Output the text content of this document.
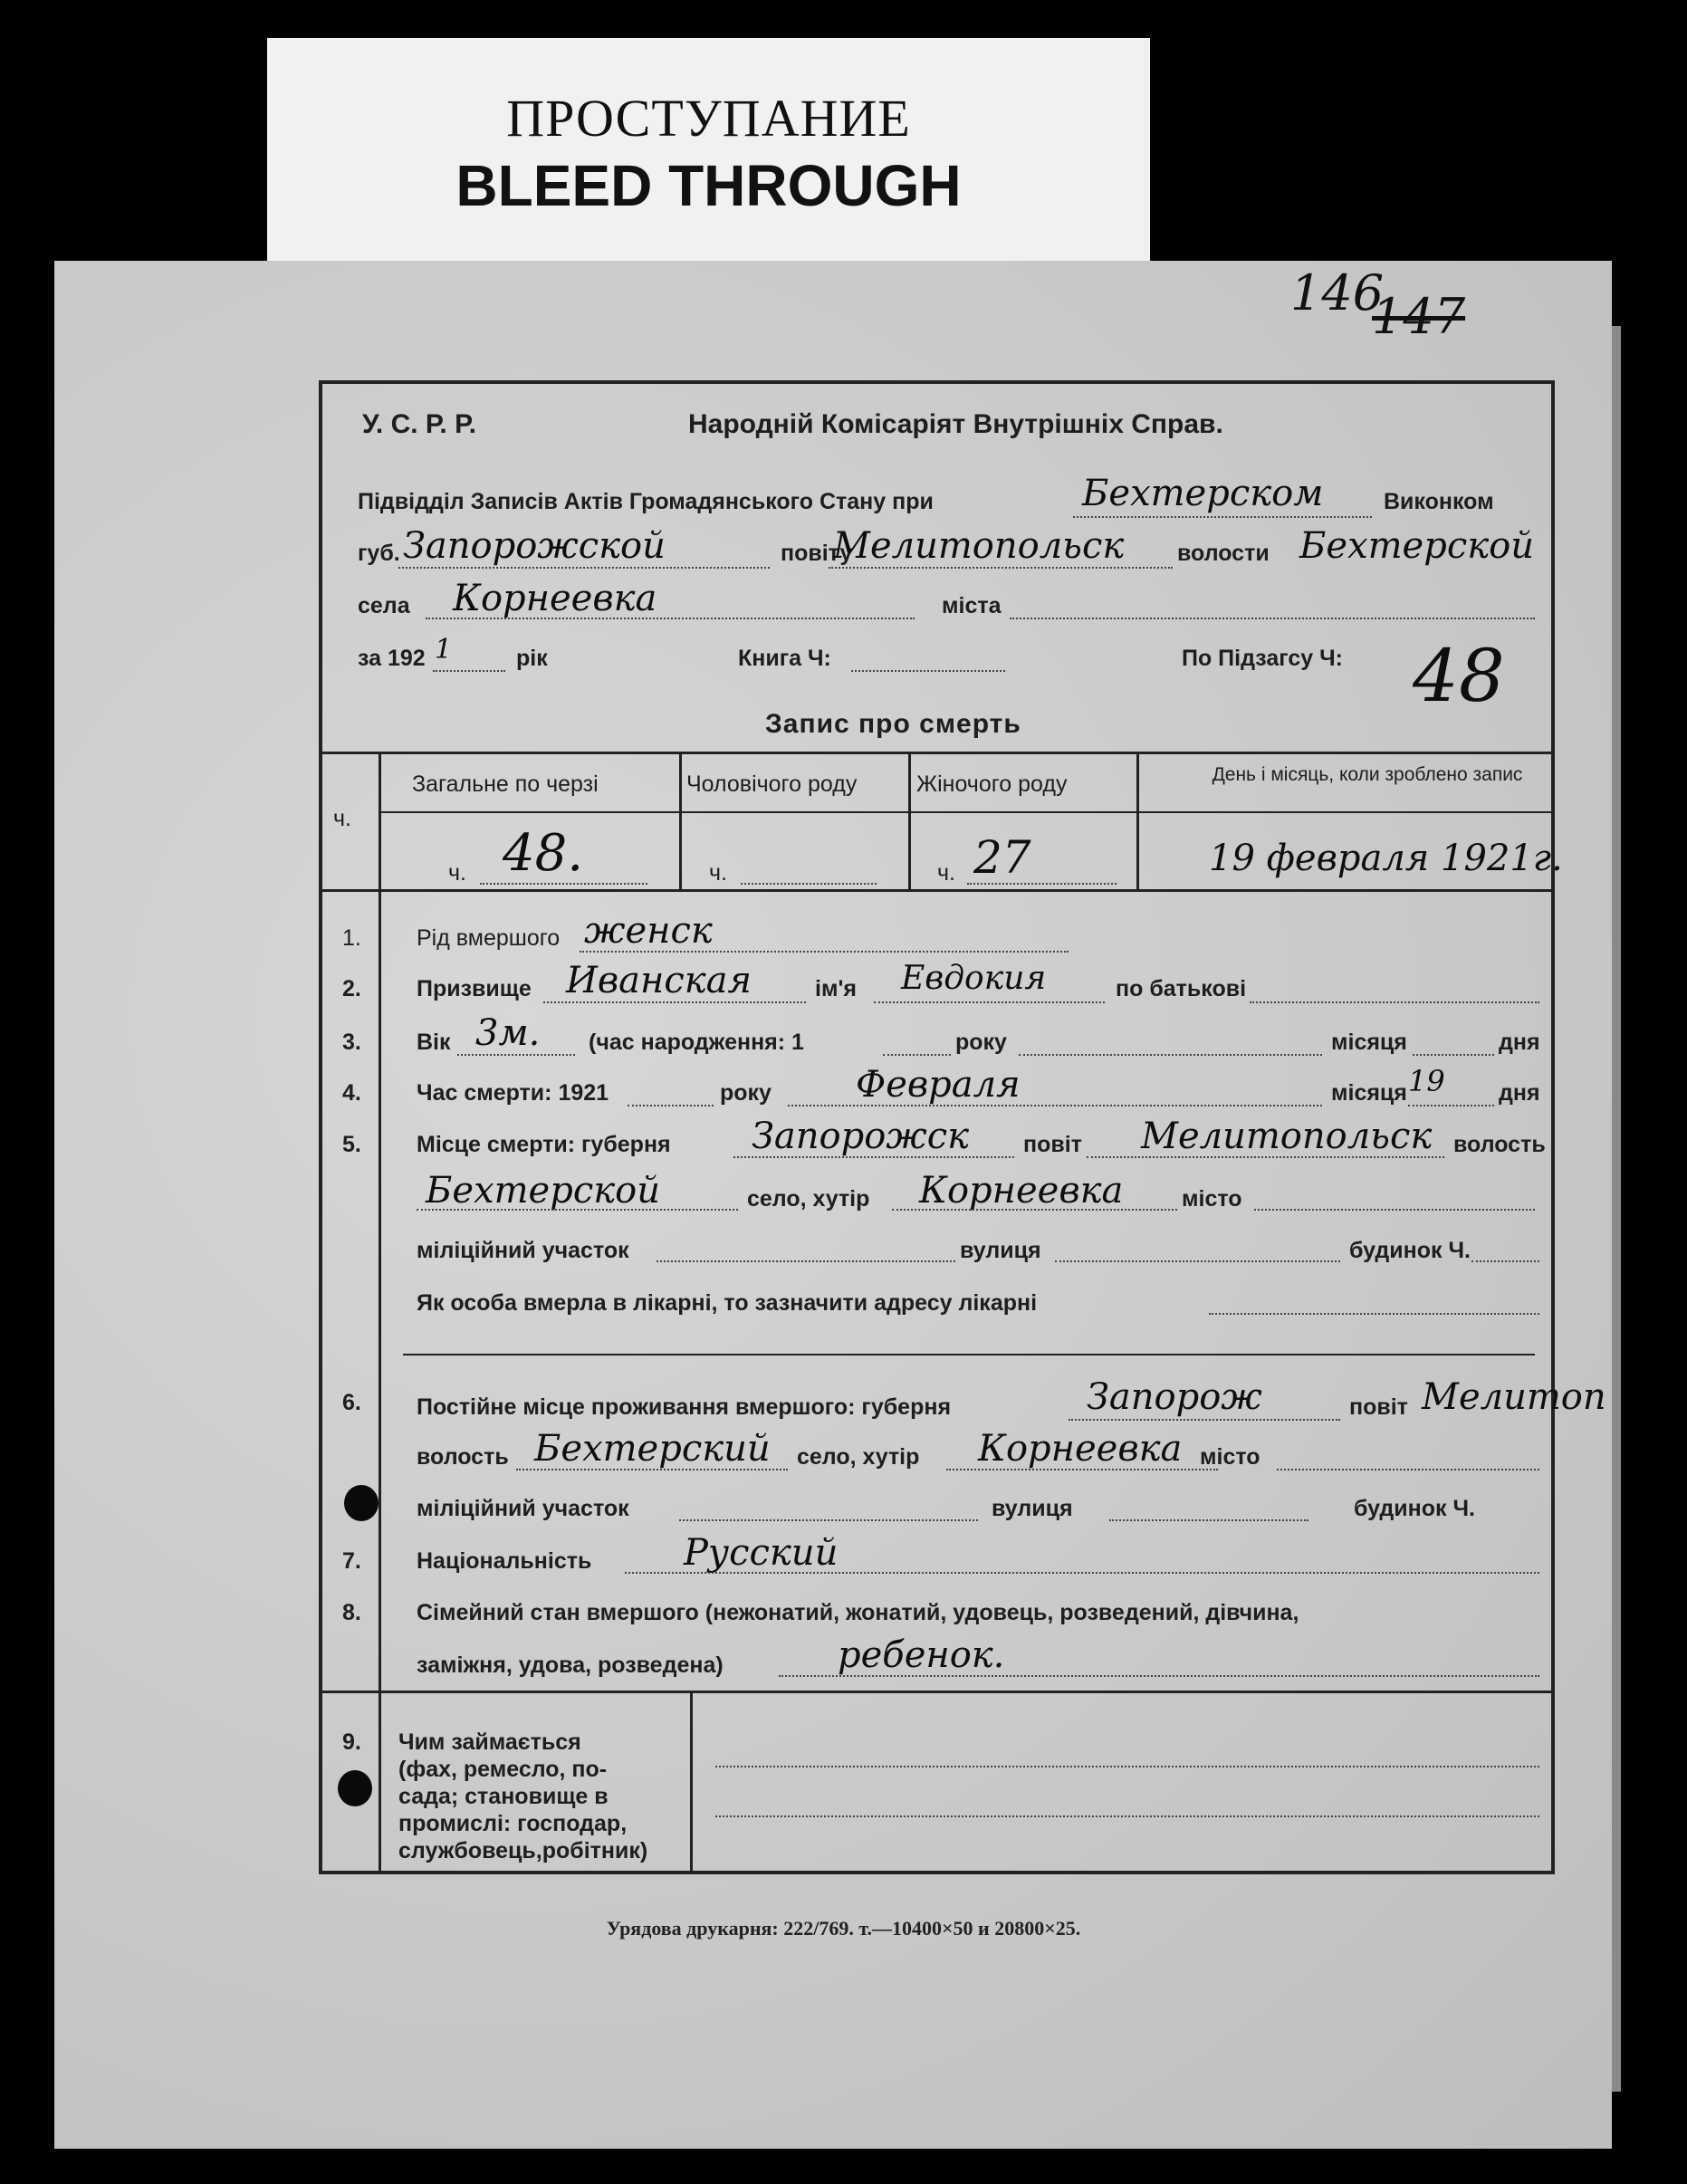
ПРОСТУПАНИЕ
BLEED THROUGH
146
147
У. С. Р. Р.	Народній Комісаріят Внутрішніх Справ.
Підвідділ Записів Актів Громадянського Стану при	Бехтерском	Виконком
губ. Запорожской	повіту
Мелитопольск волости Бехтерской
села Корнеевка	міста
за 192 1	рік	Книга Ч:	По Підзагсу Ч: 48
Запис про смерть
ч.
Загальне по черзі	Чоловічого роду	Жіночого роду	День і місяць, коли зроблено запис
ч. 48.	ч.	ч. 27	19 февраля 1921г.
1. Рід вмершого женск
2. Призвище Иванская	ім'я Евдокия	по батькові
3. Вік 3м. (час народження: 1	року	місяця	дня
4. Час смерти: 1921	року Февраля	місяця 19 дня
5. Місце смерти: губерня Запорожск повіт Мелитопольск волость
Бехтерской	село, хутір Корнеевка	місто
міліційний участок	вулиця	будинок Ч.
Як особа вмерла в лікарні, то зазначити адресу лікарні
6. Постійне місце проживання вмершого: губерня	Запорож	повіт Мелитоп
волость Бехтерский село, хутір Корнеевка місто
міліційний участок	вулиця	будинок Ч.
7. Національність	Русский
8. Сімейний стан вмершого (нежонатий, жонатий, удовець, розведений, дівчина,
заміжня, удова, розведена)	ребенок.
9. Чим займається
(фах, ремесло, по-
сада; становище в
промислі: господар,
службовець,робітник)
Урядова друкарня: 222/769. т.—10400×50 и 20800×25.
